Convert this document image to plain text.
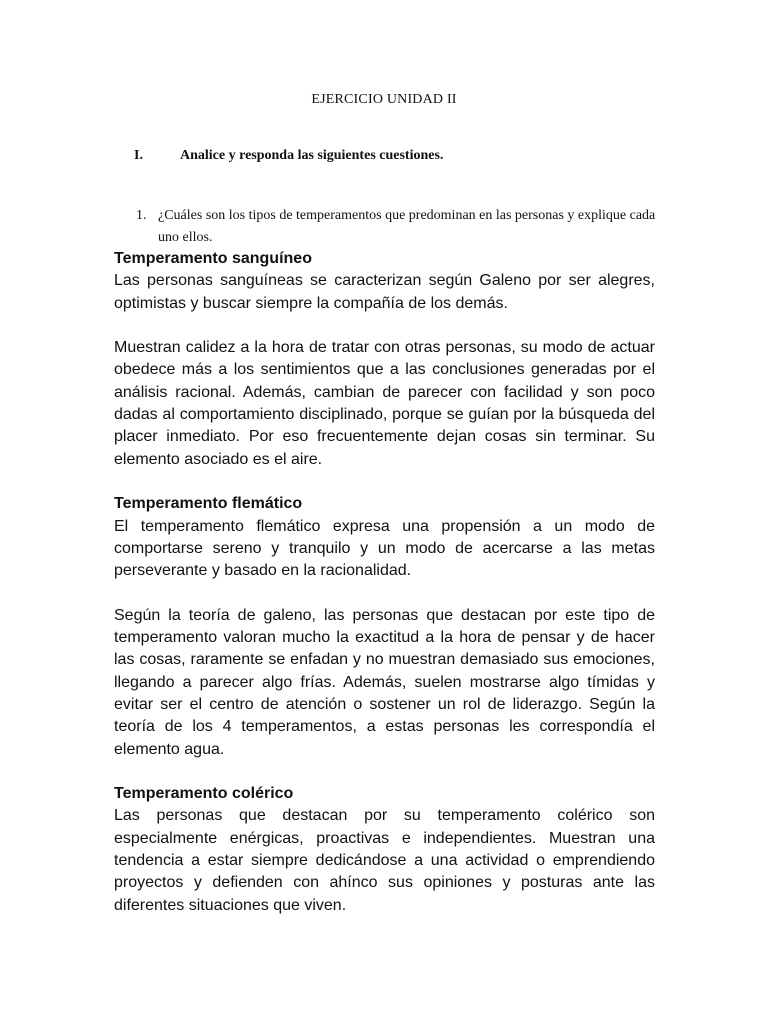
EJERCICIO UNIDAD II
I.	Analice y responda las siguientes cuestiones.
1. ¿Cuáles son los tipos de temperamentos que predominan en las personas y explique cada uno ellos.
Temperamento sanguíneo

Las personas sanguíneas se caracterizan según Galeno por ser alegres, optimistas y buscar siempre la compañía de los demás.

Muestran calidez a la hora de tratar con otras personas, su modo de actuar obedece más a los sentimientos que a las conclusiones generadas por el análisis racional. Además, cambian de parecer con facilidad y son poco dadas al comportamiento disciplinado, porque se guían por la búsqueda del placer inmediato. Por eso frecuentemente dejan cosas sin terminar. Su elemento asociado es el aire.

Temperamento flemático

El temperamento flemático expresa una propensión a un modo de comportarse sereno y tranquilo y un modo de acercarse a las metas perseverante y basado en la racionalidad.

Según la teoría de galeno, las personas que destacan por este tipo de temperamento valoran mucho la exactitud a la hora de pensar y de hacer las cosas, raramente se enfadan y no muestran demasiado sus emociones, llegando a parecer algo frías. Además, suelen mostrarse algo tímidas y evitar ser el centro de atención o sostener un rol de liderazgo. Según la teoría de los 4 temperamentos, a estas personas les correspondía el elemento agua.

Temperamento colérico

Las personas que destacan por su temperamento colérico son especialmente enérgicas, proactivas e independientes. Muestran una tendencia a estar siempre dedicándose a una actividad o emprendiendo proyectos y defienden con ahínco sus opiniones y posturas ante las diferentes situaciones que viven.
